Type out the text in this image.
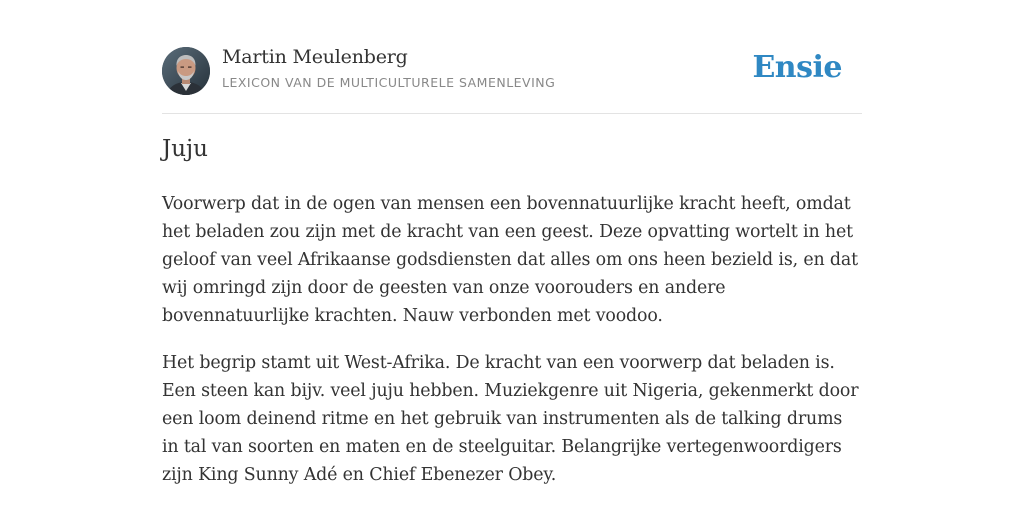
Martin Meulenberg
LEXICON VAN DE MULTICULTURELE SAMENLEVING	Ensie
Juju

Voorwerp dat in de ogen van mensen een bovennatuurlijke kracht heeft, omdat het beladen zou zijn met de kracht van een geest. Deze opvatting wortelt in het geloof van veel Afrikaanse godsdiensten dat alles om ons heen bezield is, en dat wij omringd zijn door de geesten van onze voorouders en andere bovennatuurlijke krachten. Nauw verbonden met voodoo.

Het begrip stamt uit West-Afrika. De kracht van een voorwerp dat beladen is. Een steen kan bijv. veel juju hebben. Muziekgenre uit Nigeria, gekenmerkt door een loom deinend ritme en het gebruik van instrumenten als de talking drums in tal van soorten en maten en de steelguitar. Belangrijke vertegenwoordigers zijn King Sunny Adé en Chief Ebenezer Obey.
